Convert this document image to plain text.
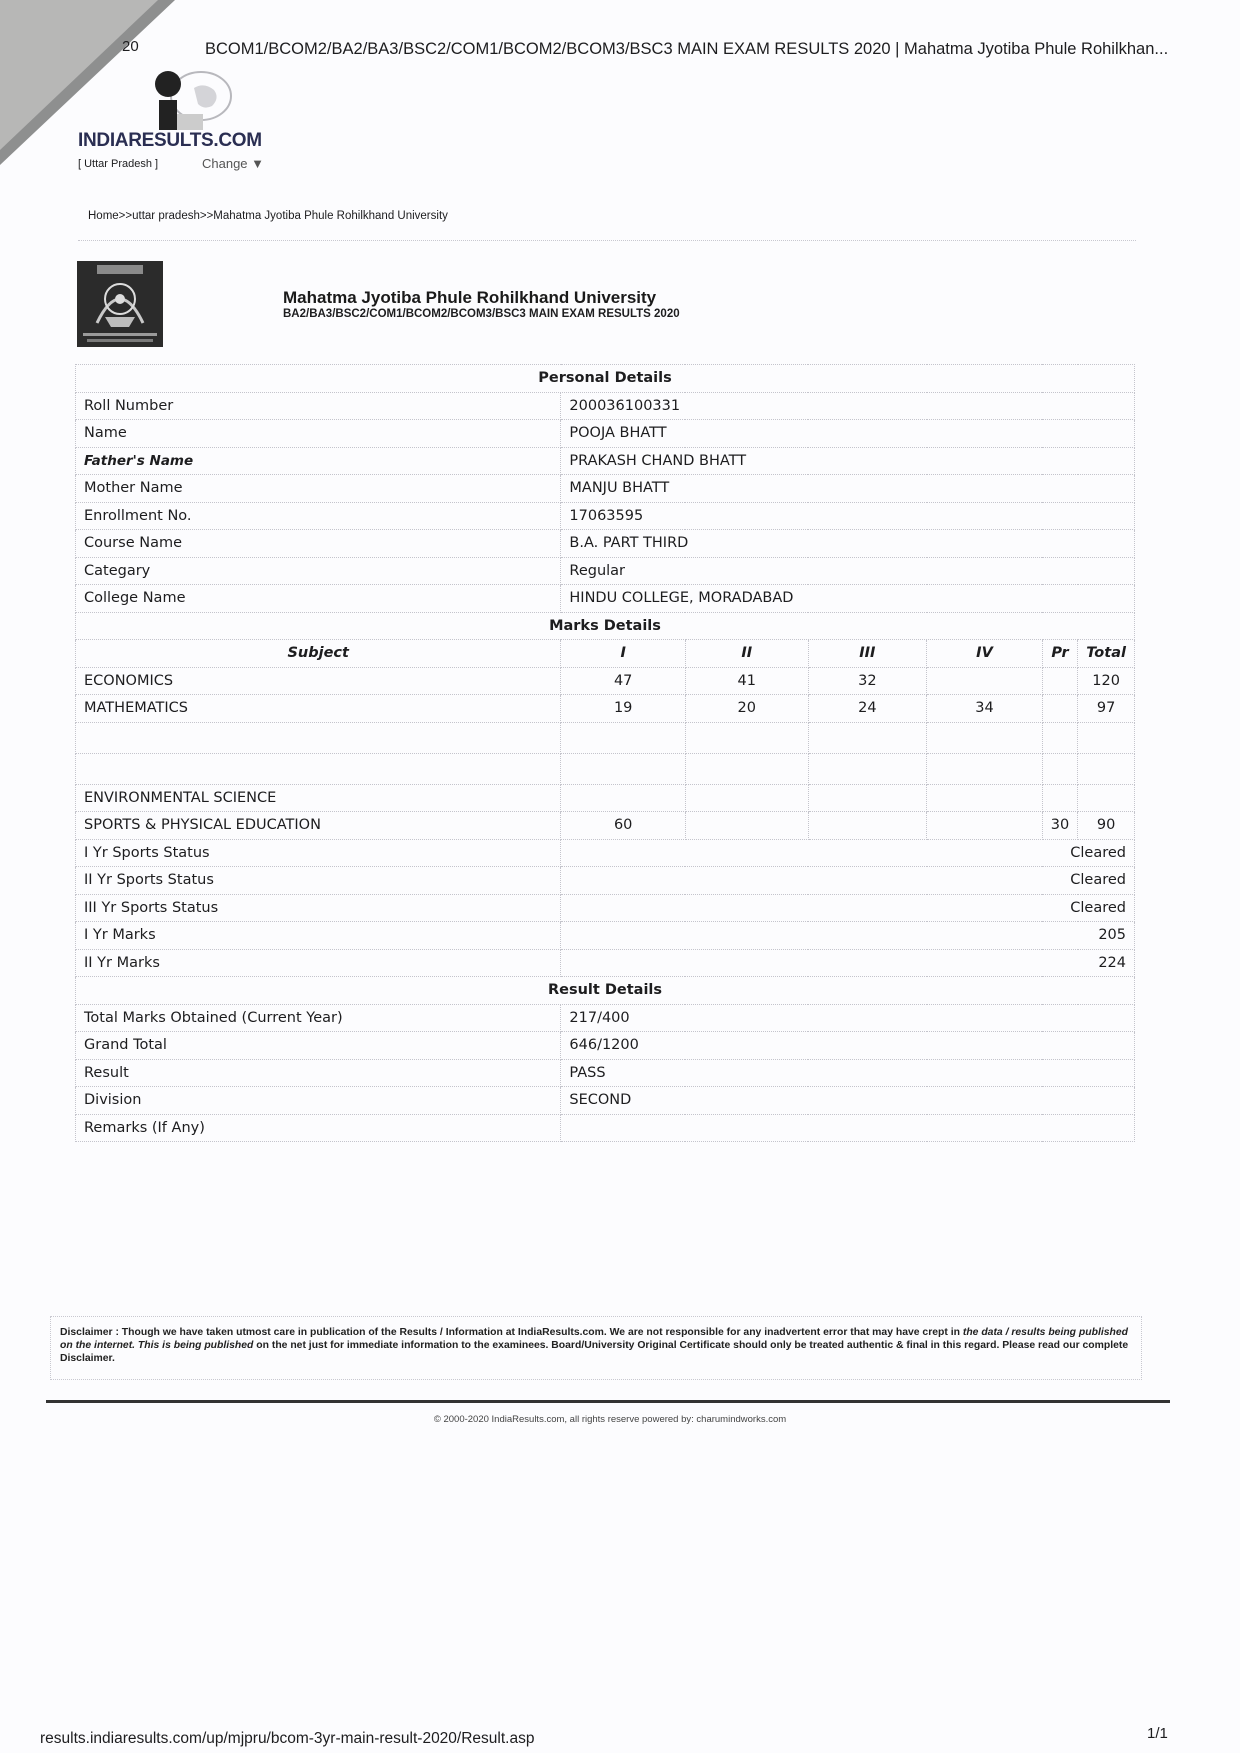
20	BCOM1/BCOM2/BA2/BA3/BSC2/COM1/BCOM2/BCOM3/BSC3 MAIN EXAM RESULTS 2020 | Mahatma Jyotiba Phule Rohilkhan...
INDIARESULTS.COM
[ Uttar Pradesh ]	Change ▼
Home>>uttar pradesh>>Mahatma Jyotiba Phule Rohilkhand University
Mahatma Jyotiba Phule Rohilkhand University
BA2/BA3/BSC2/COM1/BCOM2/BCOM3/BSC3 MAIN EXAM RESULTS 2020
Personal Details						
Roll Number	200036100331					
Name	POOJA BHATT					
Father's Name	PRAKASH CHAND BHATT					
Mother Name	MANJU BHATT					
Enrollment No.	17063595					
Course Name	B.A. PART THIRD					
Categary	Regular					
College Name	HINDU COLLEGE, MORADABAD					
Marks Details						
Subject	I	II	III	IV	Pr	Total
ECONOMICS	47	41	32			120
MATHEMATICS	19	20	24	34		97

ENVIRONMENTAL SCIENCE						
SPORTS & PHYSICAL EDUCATION	60				30	90
I Yr Sports Status	Cleared					
II Yr Sports Status	Cleared					
III Yr Sports Status	Cleared					
I Yr Marks	205					
II Yr Marks	224					
Result Details						
Total Marks Obtained (Current Year)	217/400					
Grand Total	646/1200					
Result	PASS					
Division	SECOND					
Remarks (If Any)						
Disclaimer : Though we have taken utmost care in publication of the Results / Information at IndiaResults.com. We are not responsible for any inadvertent error that may have crept in the data / results being published on the internet. This is being published on the net just for immediate information to the examinees. Board/University Original Certificate should only be treated authentic & final in this regard. Please read our complete Disclaimer.
© 2000-2020 IndiaResults.com, all rights reserve powered by: charumindworks.com
results.indiaresults.com/up/mjpru/bcom-3yr-main-result-2020/Result.asp	1/1
